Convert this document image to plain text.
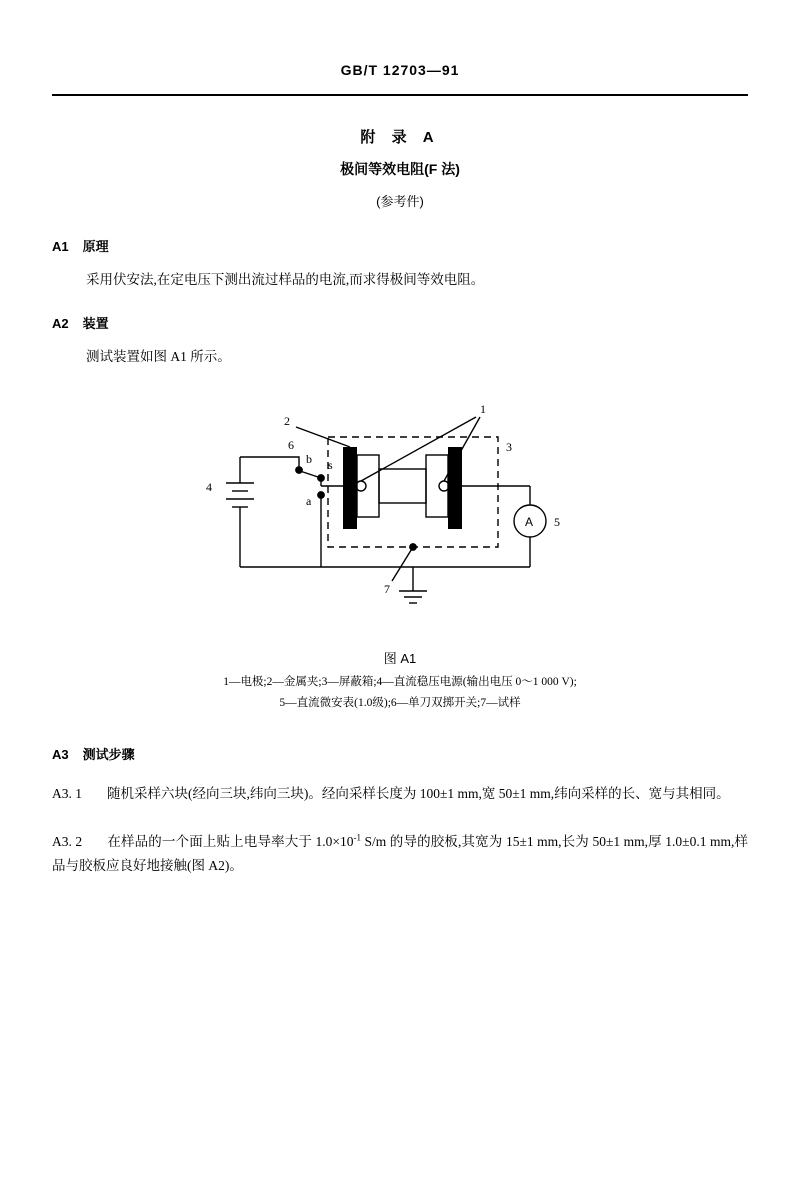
GB/T 12703—91
附 录 A
极间等效电阻(F 法)
(参考件)
A1 原理
采用伏安法,在定电压下测出流过样品的电流,而求得极间等效电阻。
A2 装置
测试装置如图 A1 所示。
1
2
3
4
5
6
7
b
a
s
A
图 A1
1—电极;2—金属夹;3—屏蔽箱;4—直流稳压电源(输出电压 0～1 000 V);
5—直流微安表(1.0级);6—单刀双掷开关;7—试样
A3 测试步骤
A3. 1 随机采样六块(经向三块,纬向三块)。经向采样长度为 100±1 mm,宽 50±1 mm,纬向采样的长、宽与其相同。
A3. 2 在样品的一个面上贴上电导率大于 $1.0\times 10^{-1}$ S/m 的导的胶板,其宽为 15±1 mm,长为 50±1 mm,厚 1.0±0.1 mm,样品与胶板应良好地接触(图 A2)。
